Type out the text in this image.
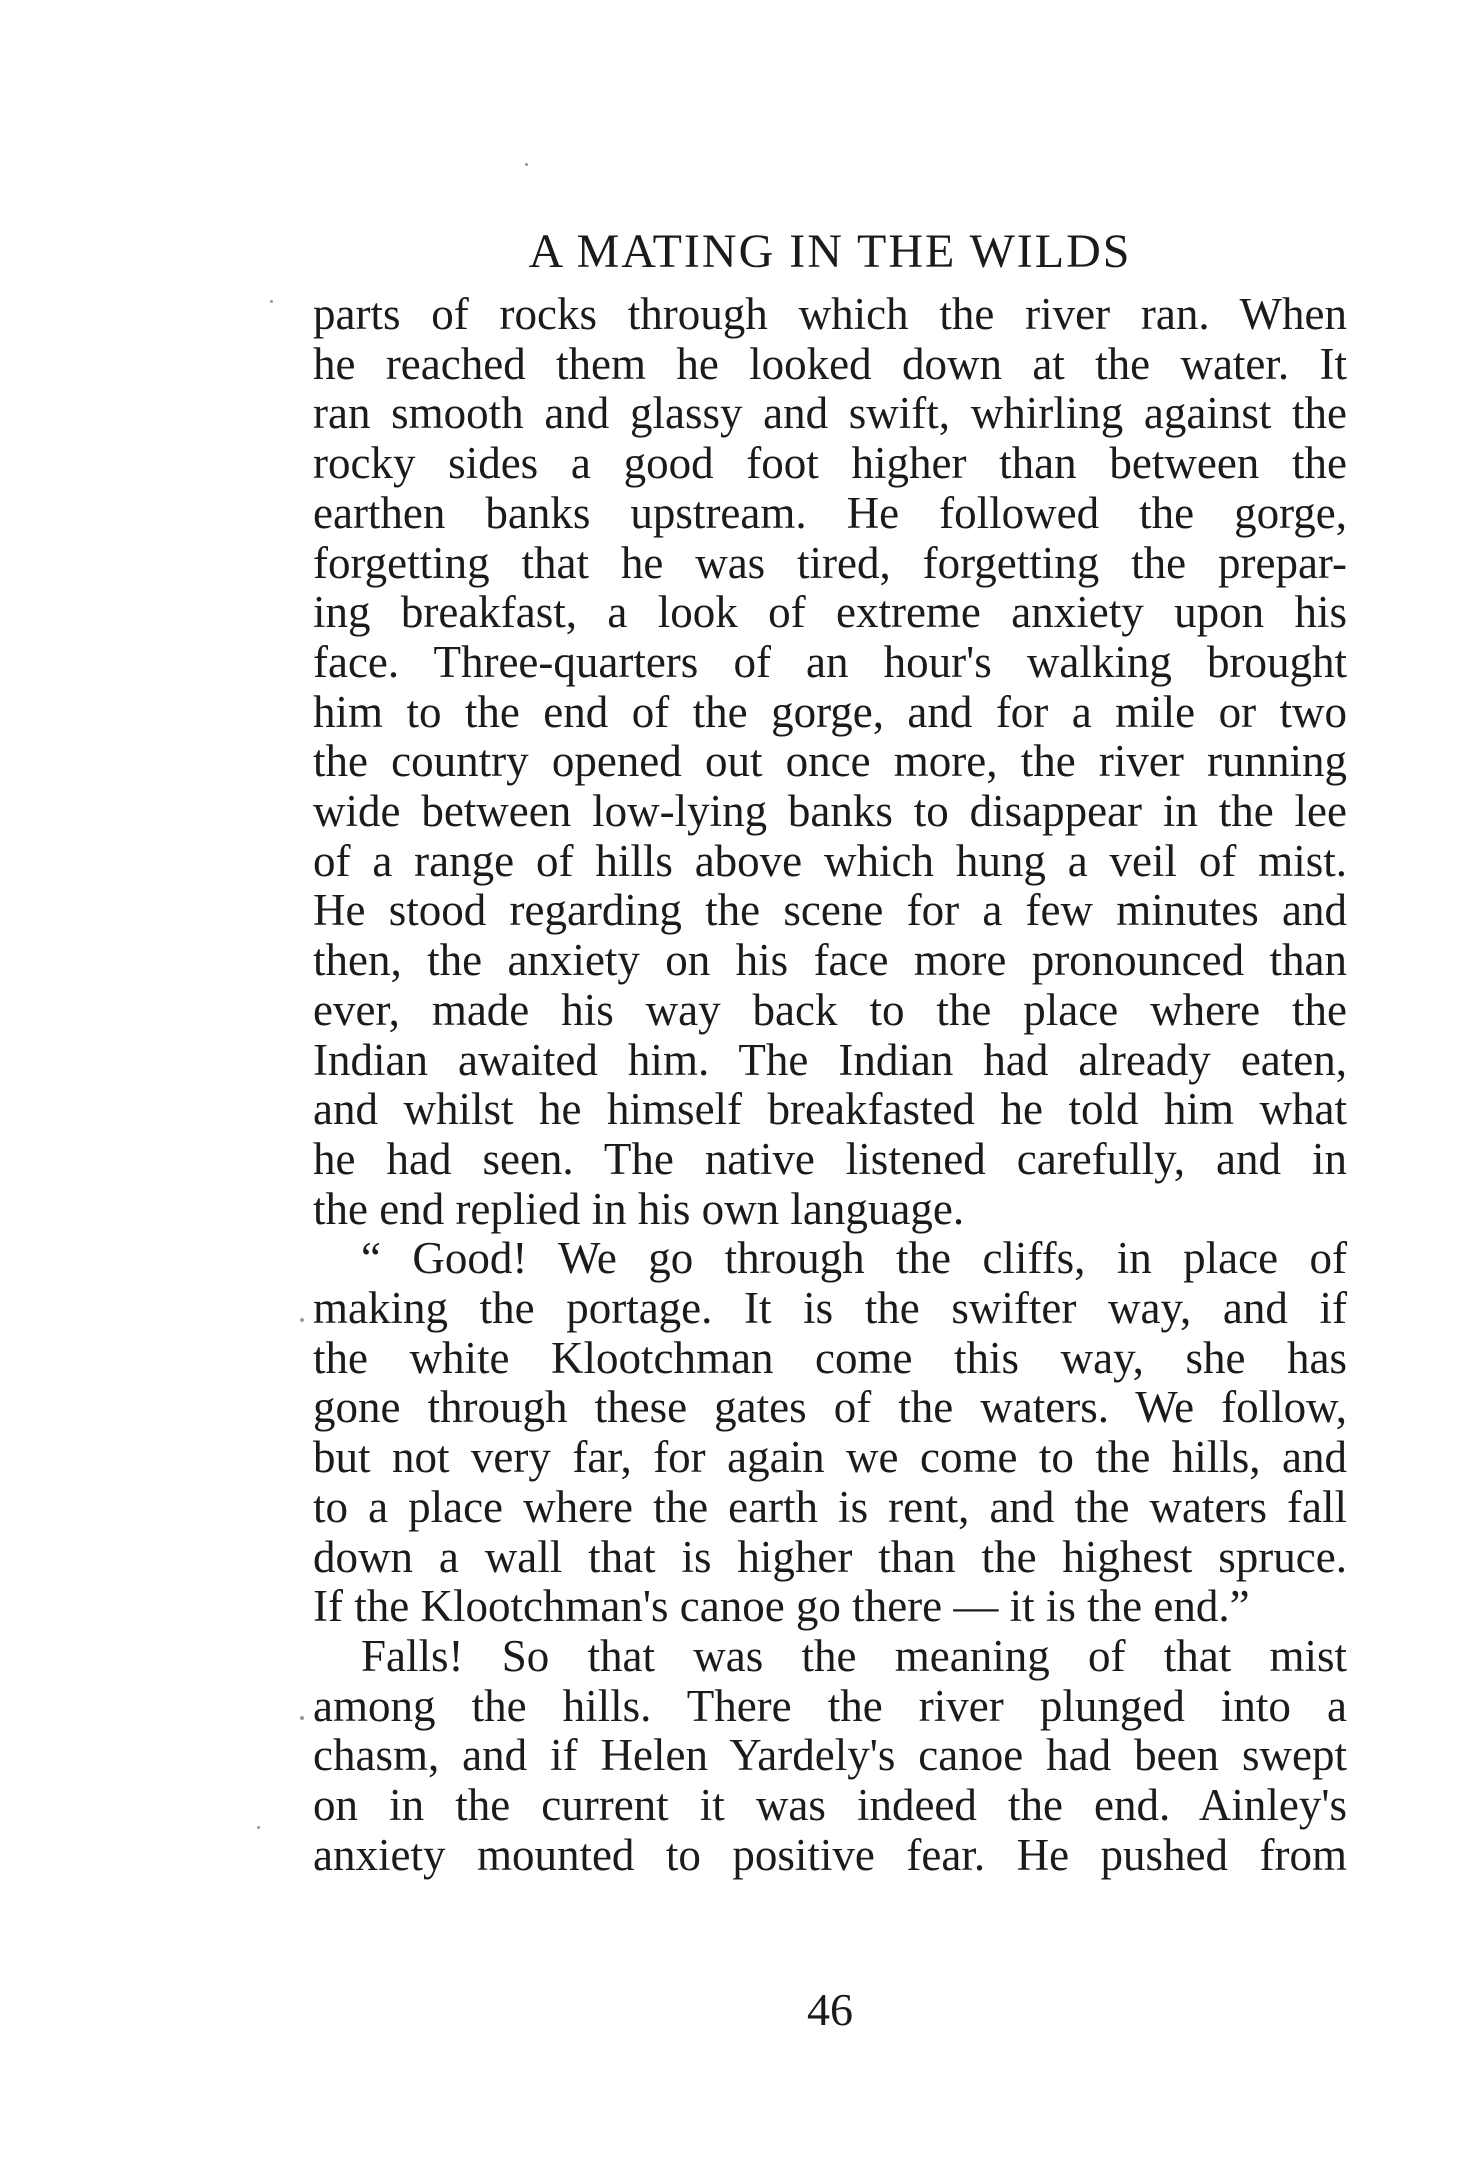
A MATING IN THE WILDS

parts of rocks through which the river ran. When
he reached them he looked down at the water. It
ran smooth and glassy and swift, whirling against the
rocky sides a good foot higher than between the
earthen banks upstream. He followed the gorge,
forgetting that he was tired, forgetting the prepar-
ing breakfast, a look of extreme anxiety upon his
face. Three-quarters of an hour's walking brought
him to the end of the gorge, and for a mile or two
the country opened out once more, the river running
wide between low-lying banks to disappear in the lee
of a range of hills above which hung a veil of mist.
He stood regarding the scene for a few minutes and
then, the anxiety on his face more pronounced than
ever, made his way back to the place where the
Indian awaited him. The Indian had already eaten,
and whilst he himself breakfasted he told him what
he had seen. The native listened carefully, and in
the end replied in his own language.

“ Good! We go through the cliffs, in place of
making the portage. It is the swifter way, and if
the white Klootchman come this way, she has
gone through these gates of the waters. We follow,
but not very far, for again we come to the hills, and
to a place where the earth is rent, and the waters fall
down a wall that is higher than the highest spruce.
If the Klootchman's canoe go there — it is the end.”

Falls! So that was the meaning of that mist
among the hills. There the river plunged into a
chasm, and if Helen Yardely's canoe had been swept
on in the current it was indeed the end. Ainley's
anxiety mounted to positive fear. He pushed from

46
